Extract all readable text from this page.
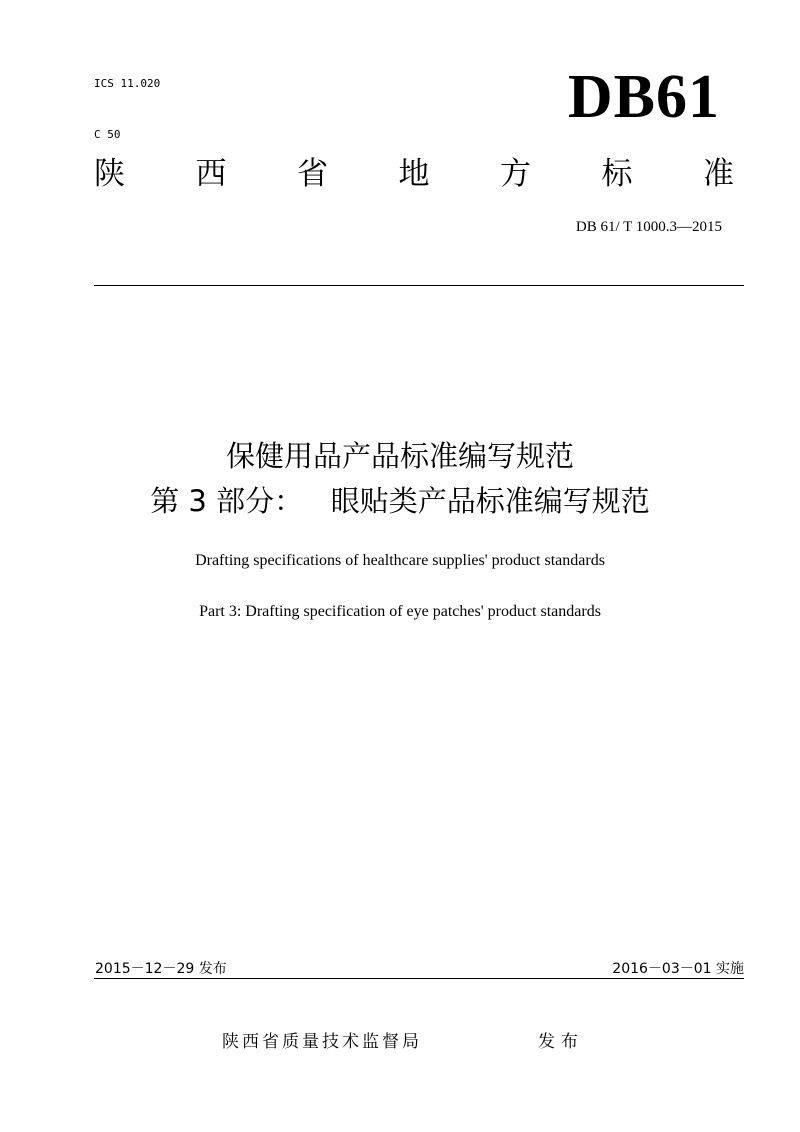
ICS 11.020

C 50

DB61
陕 西 省 地 方 标 准
DB 61/ T 1000.3—2015
保健用品产品标准编写规范
第 3 部分：   眼贴类产品标准编写规范
Drafting specifications of healthcare supplies' product standards
Part 3: Drafting specification of eye patches' product standards
2015－12－29 发布	2016－03－01 实施
陕西省质量技术监督局	发布
